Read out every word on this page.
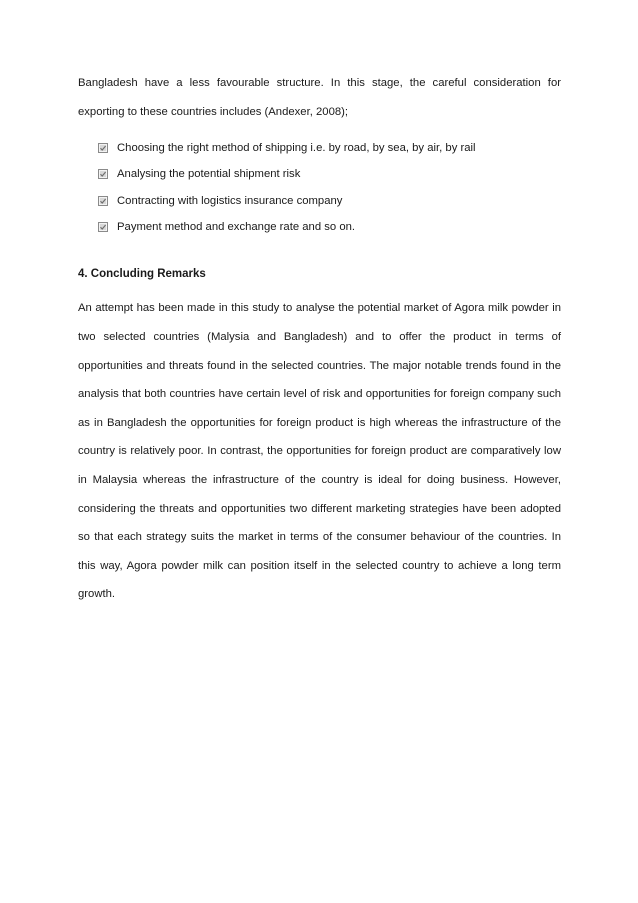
Bangladesh have a less favourable structure. In this stage, the careful consideration for exporting to these countries includes (Andexer, 2008);

Choosing the right method of shipping i.e. by road, by sea, by air, by rail
Analysing the potential shipment risk
Contracting with logistics insurance company
Payment method and exchange rate and so on.
4. Concluding Remarks

An attempt has been made in this study to analyse the potential market of Agora milk powder in two selected countries (Malysia and Bangladesh) and to offer the product in terms of opportunities and threats found in the selected countries. The major notable trends found in the analysis that both countries have certain level of risk and opportunities for foreign company such as in Bangladesh the opportunities for foreign product is high whereas the infrastructure of the country is relatively poor. In contrast, the opportunities for foreign product are comparatively low in Malaysia whereas the infrastructure of the country is ideal for doing business. However, considering the threats and opportunities two different marketing strategies have been adopted so that each strategy suits the market in terms of the consumer behaviour of the countries. In this way, Agora powder milk can position itself in the selected country to achieve a long term growth.
